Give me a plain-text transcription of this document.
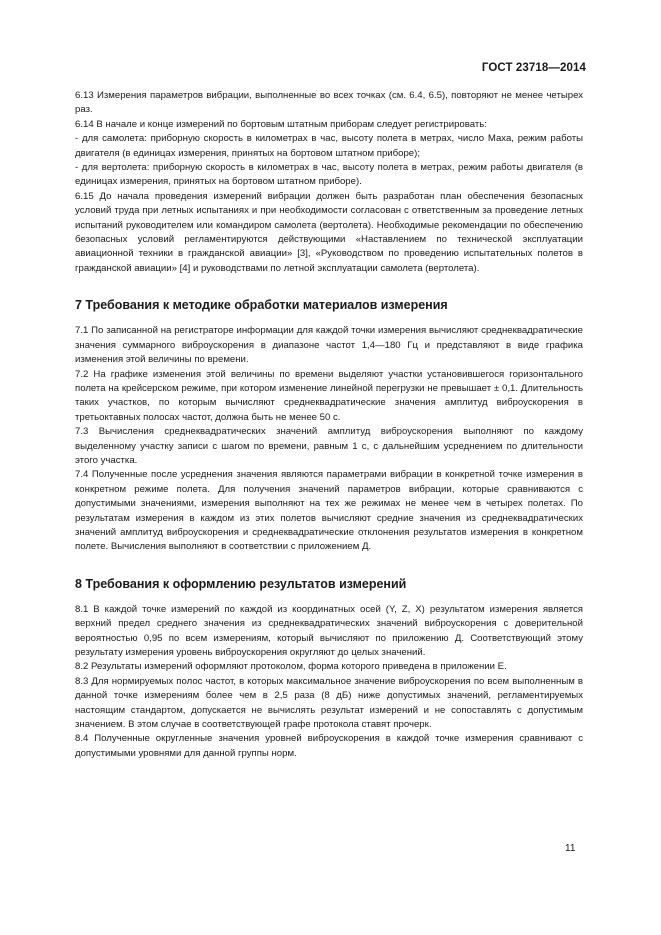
ГОСТ 23718—2014

6.13 Измерения параметров вибрации, выполненные во всех точках (см. 6.4, 6.5), повторяют не менее четырех раз.

6.14 В начале и конце измерений по бортовым штатным приборам следует регистрировать:

- для самолета: приборную скорость в километрах в час, высоту полета в метрах, число Маха, режим работы двигателя (в единицах измерения, принятых на бортовом штатном приборе);

- для вертолета: приборную скорость в километрах в час, высоту полета в метрах, режим работы двигателя (в единицах измерения, принятых на бортовом штатном приборе).

6.15 До начала проведения измерений вибрации должен быть разработан план обеспечения безопасных условий труда при летных испытаниях и при необходимости согласован с ответственным за проведение летных испытаний руководителем или командиром самолета (вертолета). Необходимые рекомендации по обеспечению безопасных условий регламентируются действующими «Наставлением по технической эксплуатации авиационной техники в гражданской авиации» [3], «Руководством по проведению испытательных полетов в гражданской авиации» [4] и руководствами по летной эксплуатации самолета (вертолета).

7 Требования к методике обработки материалов измерения

7.1 По записанной на регистраторе информации для каждой точки измерения вычисляют среднеквадратические значения суммарного виброускорения в диапазоне частот 1,4—180 Гц и представляют в виде графика изменения этой величины по времени.

7.2 На графике изменения этой величины по времени выделяют участки установившегося горизонтального полета на крейсерском режиме, при котором изменение линейной перегрузки не превышает ± 0,1. Длительность таких участков, по которым вычисляют среднеквадратические значения амплитуд виброускорения в третьоктавных полосах частот, должна быть не менее 50 с.

7.3 Вычисления среднеквадратических значений амплитуд виброускорения выполняют по каждому выделенному участку записи с шагом по времени, равным 1 с, с дальнейшим усреднением по длительности этого участка.

7.4 Полученные после усреднения значения являются параметрами вибрации в конкретной точке измерения в конкретном режиме полета. Для получения значений параметров вибрации, которые сравниваются с допустимыми значениями, измерения выполняют на тех же режимах не менее чем в четырех полетах. По результатам измерения в каждом из этих полетов вычисляют средние значения из среднеквадратических значений амплитуд виброускорения и среднеквадратические отклонения результатов измерения в конкретном полете. Вычисления выполняют в соответствии с приложением Д.

8 Требования к оформлению результатов измерений

8.1 В каждой точке измерений по каждой из координатных осей (Y, Z, X) результатом измерения является верхний предел среднего значения из среднеквадратических значений виброускорения с доверительной вероятностью 0,95 по всем измерениям, который вычисляют по приложению Д. Соответствующий этому результату измерения уровень виброускорения округляют до целых значений.

8.2 Результаты измерений оформляют протоколом, форма которого приведена в приложении Е.

8.3 Для нормируемых полос частот, в которых максимальное значение виброускорения по всем выполненным в данной точке измерениям более чем в 2,5 раза (8 дБ) ниже допустимых значений, регламентируемых настоящим стандартом, допускается не вычислять результат измерений и не сопоставлять с допустимым значением. В этом случае в соответствующей графе протокола ставят прочерк.

8.4 Полученные округленные значения уровней виброускорения в каждой точке измерения сравнивают с допустимыми уровнями для данной группы норм.

11
